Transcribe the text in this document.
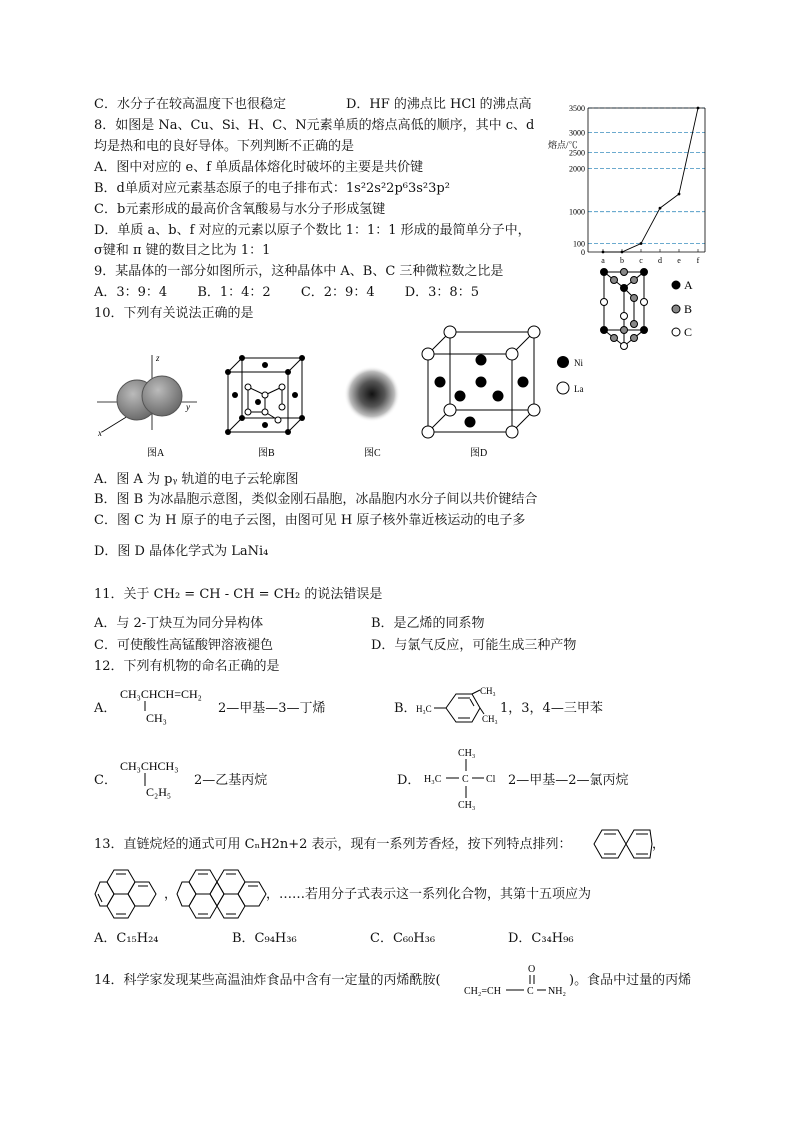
C．水分子在较高温度下也很稳定	D．HF 的沸点比 HCl 的沸点高
8．如图是 Na、Cu、Si、H、C、N元素单质的熔点高低的顺序，其中 c、d
均是热和电的良好导体。下列判断不正确的是
A．图中对应的 e、f 单质晶体熔化时破坏的主要是共价键
B．d单质对应元素基态原子的电子排布式：1s²2s²2p⁶3s²3p²
C．b元素形成的最高价含氧酸易与水分子形成氢键
D．单质 a、b、f 对应的元素以原子个数比 1：1：1 形成的最简单分子中，
σ键和 π 键的数目之比为 1：1
9．某晶体的一部分如图所示，这种晶体中 A、B、C 三种微粒数之比是
A．3：9：4　　 B．1：4：2　　 C．2：9：4　　 D．3：8：5
10．下列有关说法正确的是
A．图 A 为 pᵧ 轨道的电子云轮廓图
B．图 B 为冰晶胞示意图，类似金刚石晶胞，冰晶胞内水分子间以共价键结合
C．图 C 为 H 原子的电子云图，由图可见 H 原子核外靠近核运动的电子多
D．图 D 晶体化学式为 LaNi₄
11．关于 CH₂ = CH - CH = CH₂ 的说法错误是
A．与 2-丁炔互为同分异构体	B．是乙烯的同系物
C．可使酸性高锰酸钾溶液褪色	D．与氯气反应，可能生成三种产物
12．下列有机物的命名正确的是
A．	2—甲基—3—丁烯	B．	1，3，4—三甲苯
C．	2—乙基丙烷	D．	2—甲基—2—氯丙烷
13．直链烷烃的通式可用 CₙH2n+2 表示，现有一系列芳香烃，按下列特点排列：	，
，	，……若用分子式表示这一系列化合物，其第十五项应为
A．C₁₅H₂₄	B．C₉₄H₃₆	C．C₆₀H₃₆	D．C₃₄H₉₆
14．科学家发现某些高温油炸食品中含有一定量的丙烯酰胺(	)。食品中过量的丙烯
熔点/℃
0
100
1000
2000
2500
3000
3500
a b c d e f
A
B
C
z
y
x
图A	图B	图C
Ni
La
图D
CH₃CHCH=CH₂
CH₃
H₃C
CH₃
CH₃
CH₃CHCH₃
C₂H₅
CH₃
H₃C C Cl
CH₃
O
CH₂=CH	C NH₂
